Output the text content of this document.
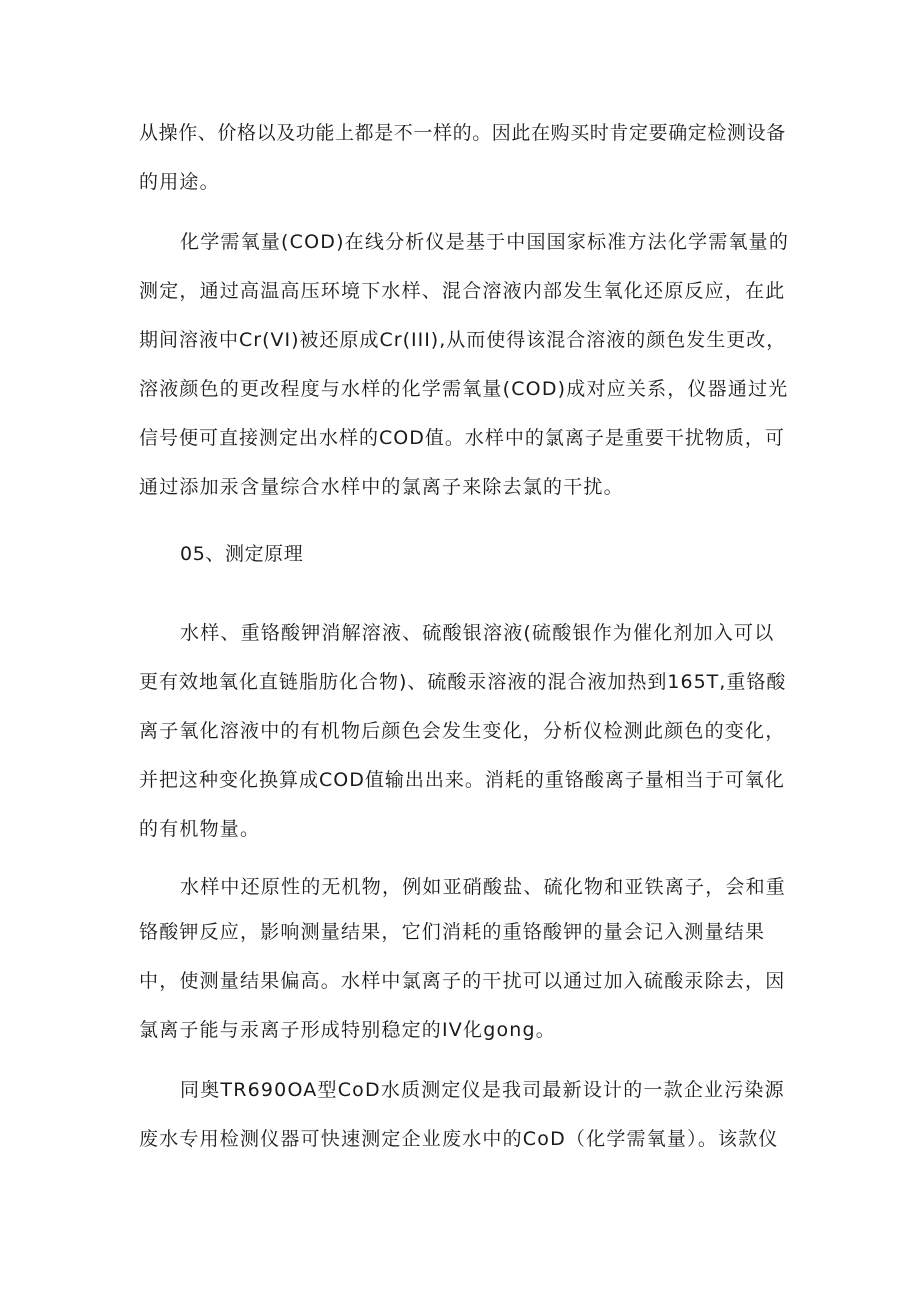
从操作、价格以及功能上都是不一样的。因此在购买时肯定要确定检测设备
的用途。
化学需氧量(COD)在线分析仪是基于中国国家标准方法化学需氧量的
测定，通过高温高压环境下水样、混合溶液内部发生氧化还原反应，在此
期间溶液中Cr(VI)被还原成Cr(III),从而使得该混合溶液的颜色发生更改，
溶液颜色的更改程度与水样的化学需氧量(COD)成对应关系，仪器通过光
信号便可直接测定出水样的COD值。水样中的氯离子是重要干扰物质，可
通过添加汞含量综合水样中的氯离子来除去氯的干扰。
05、测定原理
水样、重铬酸钾消解溶液、硫酸银溶液(硫酸银作为催化剂加入可以
更有效地氧化直链脂肪化合物)、硫酸汞溶液的混合液加热到165T,重铬酸
离子氧化溶液中的有机物后颜色会发生变化，分析仪检测此颜色的变化，
并把这种变化换算成COD值输出出来。消耗的重铬酸离子量相当于可氧化
的有机物量。
水样中还原性的无机物，例如亚硝酸盐、硫化物和亚铁离子，会和重
铬酸钾反应，影响测量结果，它们消耗的重铬酸钾的量会记入测量结果
中，使测量结果偏高。水样中氯离子的干扰可以通过加入硫酸汞除去，因
氯离子能与汞离子形成特别稳定的IV化gong。
同奥TR690OA型CoD水质测定仪是我司最新设计的一款企业污染源
废水专用检测仪器可快速测定企业废水中的CoD（化学需氧量）。该款仪
